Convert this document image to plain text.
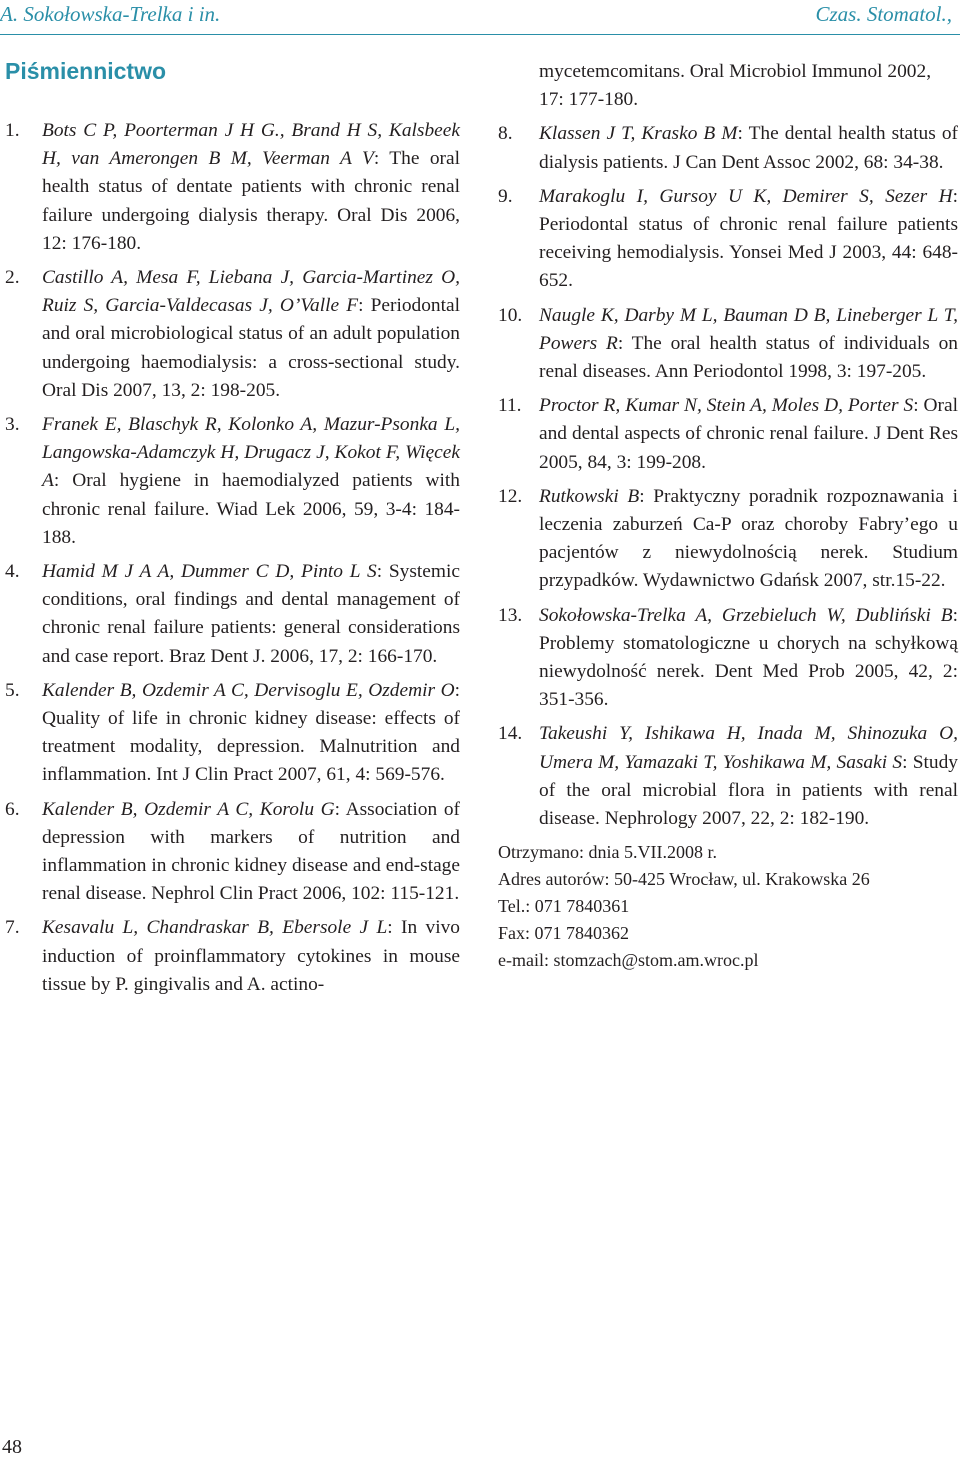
A. Sokołowska-Trelka i in.	Czas. Stomatol.,
Piśmiennictwo
1. Bots C P, Poorterman J H G., Brand H S, Kalsbeek H, van Amerongen B M, Veerman A V: The oral health status of dentate patients with chronic renal failure undergoing dialysis therapy. Oral Dis 2006, 12: 176-180.
2. Castillo A, Mesa F, Liebana J, Garcia-Martinez O, Ruiz S, Garcia-Valdecasas J, O’Valle F: Periodontal and oral microbiological status of an adult population undergoing haemodialysis: a cross-sectional study. Oral Dis 2007, 13, 2: 198-205.
3. Franek E, Blaschyk R, Kolonko A, Mazur-Psonka L, Langowska-Adamczyk H, Drugacz J, Kokot F, Więcek A: Oral hygiene in haemodialyzed patients with chronic renal failure. Wiad Lek 2006, 59, 3-4: 184-188.
4. Hamid M J A A, Dummer C D, Pinto L S: Systemic conditions, oral findings and dental management of chronic renal failure patients: general considerations and case report. Braz Dent J. 2006, 17, 2: 166-170.
5. Kalender B, Ozdemir A C, Dervisoglu E, Ozdemir O: Quality of life in chronic kidney disease: effects of treatment modality, depression. Malnutrition and inflammation. Int J Clin Pract 2007, 61, 4: 569-576.
6. Kalender B, Ozdemir A C, Korolu G: Association of depression with markers of nutrition and inflammation in chronic kidney disease and end-stage renal disease. Nephrol Clin Pract 2006, 102: 115-121.
7. Kesavalu L, Chandraskar B, Ebersole J L: In vivo induction of proinflammatory cytokines in mouse tissue by P. gingivalis and A. actino-
mycetemcomitans. Oral Microbiol Immunol 2002, 17: 177-180.
8. Klassen J T, Krasko B M: The dental health status of dialysis patients. J Can Dent Assoc 2002, 68: 34-38.
9. Marakoglu I, Gursoy U K, Demirer S, Sezer H: Periodontal status of chronic renal failure patients receiving hemodialysis. Yonsei Med J 2003, 44: 648-652.
10. Naugle K, Darby M L, Bauman D B, Lineberger L T, Powers R: The oral health status of individuals on renal diseases. Ann Periodontol 1998, 3: 197-205.
11. Proctor R, Kumar N, Stein A, Moles D, Porter S: Oral and dental aspects of chronic renal failure. J Dent Res 2005, 84, 3: 199-208.
12. Rutkowski B: Praktyczny poradnik rozpoznawania i leczenia zaburzeń Ca-P oraz choroby Fabry’ego u pacjentów z niewydolnością nerek. Studium przypadków. Wydawnictwo Gdańsk 2007, str.15-22.
13. Sokołowska-Trelka A, Grzebieluch W, Dubliński B: Problemy stomatologiczne u chorych na schyłkową niewydolność nerek. Dent Med Prob 2005, 42, 2: 351-356.
14. Takeushi Y, Ishikawa H, Inada M, Shinozuka O, Umera M, Yamazaki T, Yoshikawa M, Sasaki S: Study of the oral microbial flora in patients with renal disease. Nephrology 2007, 22, 2: 182-190.
Otrzymano: dnia 5.VII.2008 r.
Adres autorów: 50-425 Wrocław, ul. Krakowska 26
Tel.: 071 7840361
Fax: 071 7840362
e-mail: stomzach@stom.am.wroc.pl
48
